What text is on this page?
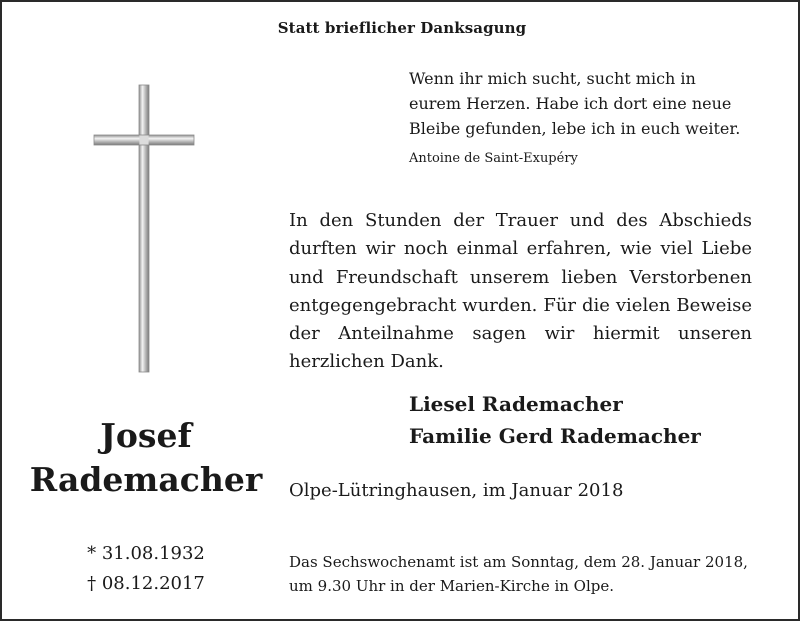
Statt brieflicher Danksagung
Wenn ihr mich sucht, sucht mich in
eurem Herzen. Habe ich dort eine neue
Bleibe gefunden, lebe ich in euch weiter.
Antoine de Saint-Exupéry
In den Stunden der Trauer und des Abschieds
durften wir noch einmal erfahren, wie viel Liebe
und Freundschaft unserem lieben Verstorbenen
entgegengebracht wurden. Für die vielen Beweise
der Anteilnahme sagen wir hiermit unseren
herzlichen Dank.
Liesel Rademacher
Familie Gerd Rademacher
Josef
Rademacher	Olpe-Lütringhausen, im Januar 2018
* 31.08.1932
† 08.12.2017
Das Sechswochenamt ist am Sonntag, dem 28. Januar 2018,
um 9.30 Uhr in der Marien-Kirche in Olpe.
